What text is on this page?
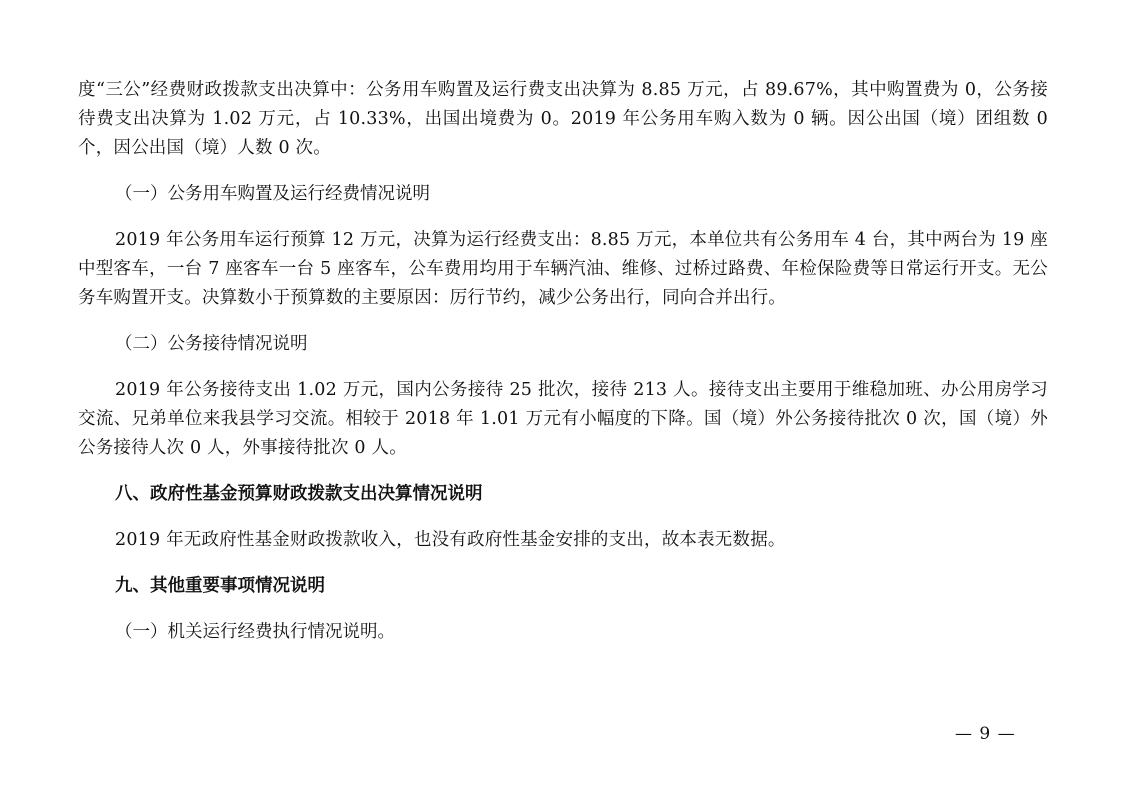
度“三公”经费财政拨款支出决算中：公务用车购置及运行费支出决算为 8.85 万元，占 89.67%，其中购置费为 0，公务接待费支出决算为 1.02 万元，占 10.33%，出国出境费为 0。2019 年公务用车购入数为 0 辆。因公出国（境）团组数 0 个，因公出国（境）人数 0 次。

（一）公务用车购置及运行经费情况说明

2019 年公务用车运行预算 12 万元，决算为运行经费支出：8.85 万元，本单位共有公务用车 4 台，其中两台为 19 座中型客车，一台 7 座客车一台 5 座客车，公车费用均用于车辆汽油、维修、过桥过路费、年检保险费等日常运行开支。无公务车购置开支。决算数小于预算数的主要原因：厉行节约，减少公务出行，同向合并出行。

（二）公务接待情况说明

2019 年公务接待支出 1.02 万元，国内公务接待 25 批次，接待 213 人。接待支出主要用于维稳加班、办公用房学习交流、兄弟单位来我县学习交流。相较于 2018 年 1.01 万元有小幅度的下降。国（境）外公务接待批次 0 次，国（境）外公务接待人次 0 人，外事接待批次 0 人。

八、政府性基金预算财政拨款支出决算情况说明

2019 年无政府性基金财政拨款收入，也没有政府性基金安排的支出，故本表无数据。

九、其他重要事项情况说明

（一）机关运行经费执行情况说明。

— 9 —
